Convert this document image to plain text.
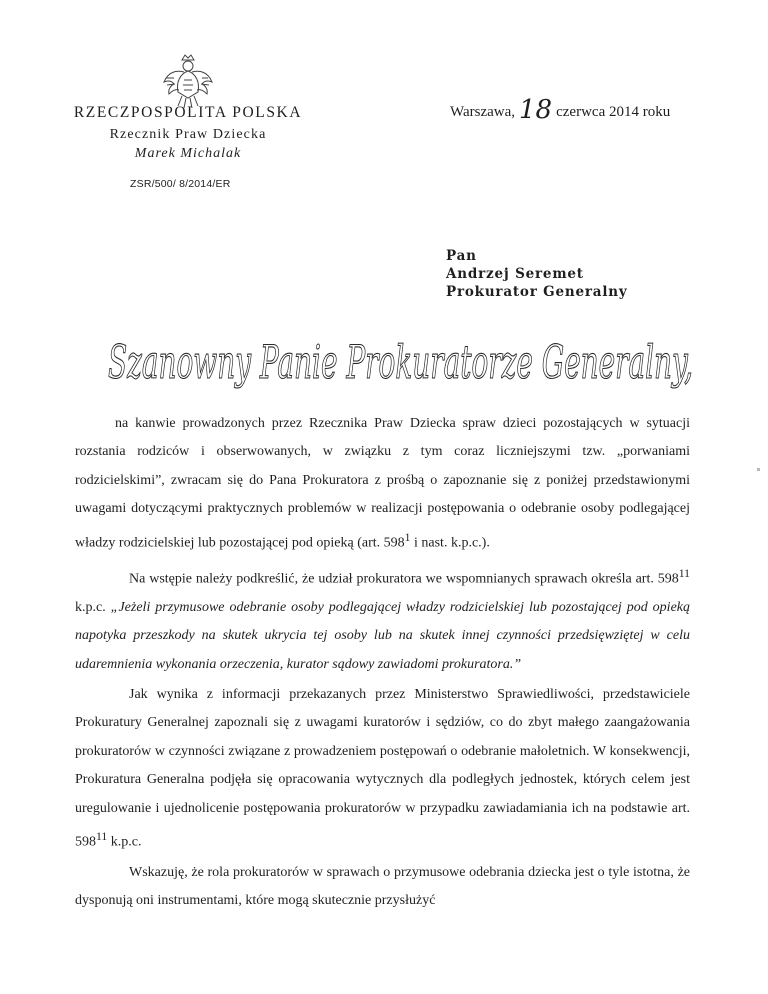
RZECZPOSPOLITA POLSKA

Rzecznik Praw Dziecka

Marek Michalak

ZSR/500/ 8/2014/ER
Warszawa, 18 czerwca 2014 roku
Pan
Andrzej Seremet
Prokurator Generalny
Szanowny Panie Prokuratorze Generalny,

na kanwie prowadzonych przez Rzecznika Praw Dziecka spraw dzieci pozostających w sytuacji rozstania rodziców i obserwowanych, w związku z tym coraz liczniejszymi tzw. „porwaniami rodzicielskimi”, zwracam się do Pana Prokuratora z prośbą o zapoznanie się z poniżej przedstawionymi uwagami dotyczącymi praktycznych problemów w realizacji postępowania o odebranie osoby podlegającej władzy rodzicielskiej lub pozostającej pod opieką (art. $598^1$ i nast. k.p.c.).

Na wstępie należy podkreślić, że udział prokuratora we wspomnianych sprawach określa art. $598^{11}$ k.p.c. „Jeżeli przymusowe odebranie osoby podlegającej władzy rodzicielskiej lub pozostającej pod opieką napotyka przeszkody na skutek ukrycia tej osoby lub na skutek innej czynności przedsięwziętej w celu udaremnienia wykonania orzeczenia, kurator sądowy zawiadomi prokuratora.”

Jak wynika z informacji przekazanych przez Ministerstwo Sprawiedliwości, przedstawiciele Prokuratury Generalnej zapoznali się z uwagami kuratorów i sędziów, co do zbyt małego zaangażowania prokuratorów w czynności związane z prowadzeniem postępowań o odebranie małoletnich. W konsekwencji, Prokuratura Generalna podjęła się opracowania wytycznych dla podległych jednostek, których celem jest uregulowanie i ujednolicenie postępowania prokuratorów w przypadku zawiadamiania ich na podstawie art. $598^{11}$ k.p.c.

Wskazuję, że rola prokuratorów w sprawach o przymusowe odebrania dziecka jest o tyle istotna, że dysponują oni instrumentami, które mogą skutecznie przysłużyć
